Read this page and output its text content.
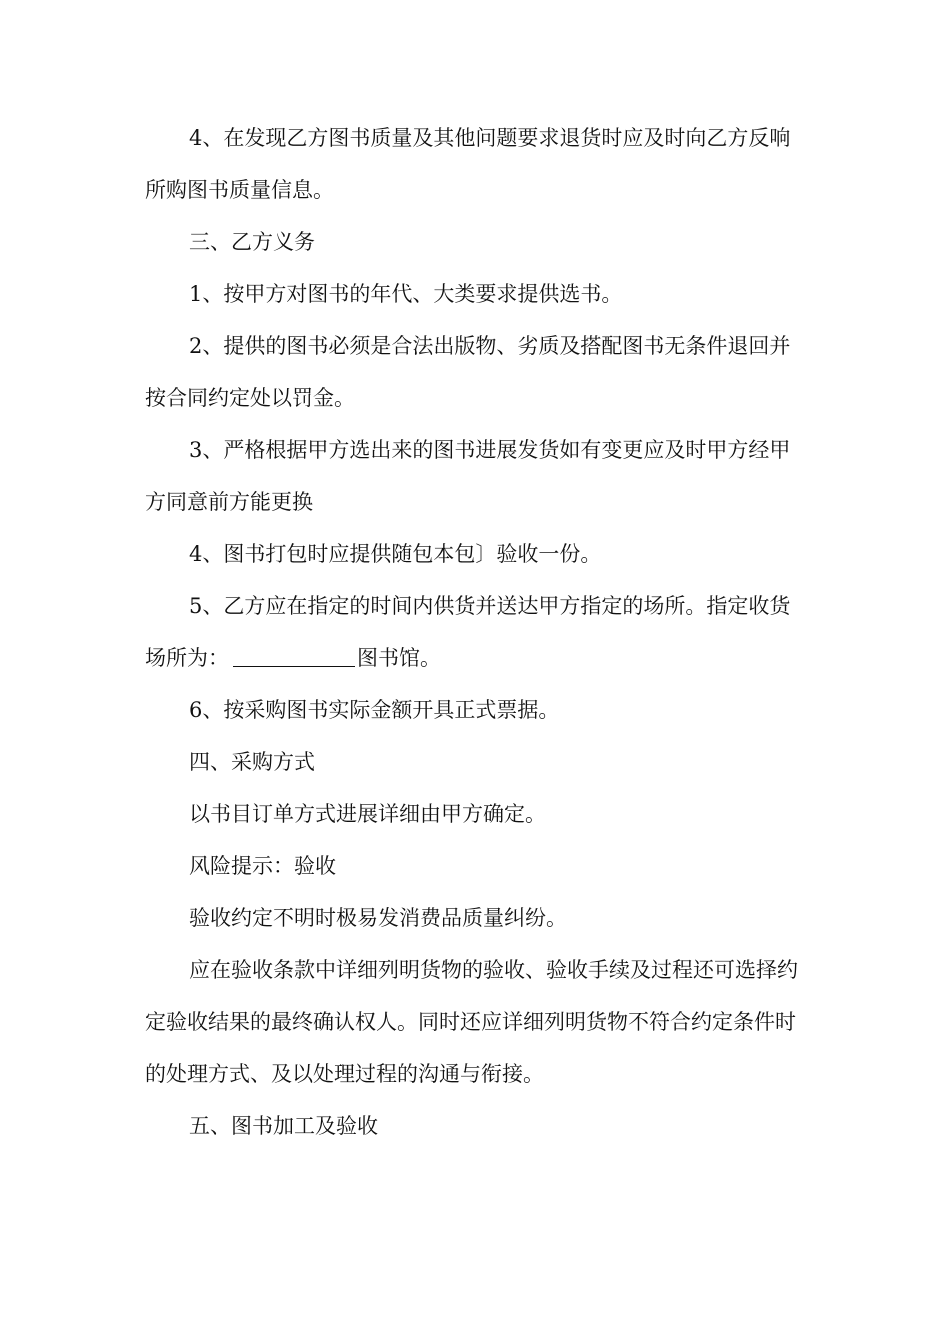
4、在发现乙方图书质量及其他问题要求退货时应及时向乙方反响所购图书质量信息。

三、乙方义务

1、按甲方对图书的年代、大类要求提供选书。

2、提供的图书必须是合法出版物、劣质及搭配图书无条件退回并按合同约定处以罚金。

3、严格根据甲方选出来的图书进展发货如有变更应及时甲方经甲方同意前方能更换

4、图书打包时应提供随包本包〕验收一份。

5、乙方应在指定的时间内供货并送达甲方指定的场所。指定收货场所为：	图书馆。

6、按采购图书实际金额开具正式票据。

四、采购方式

以书目订单方式进展详细由甲方确定。

风险提示：验收

验收约定不明时极易发消费品质量纠纷。

应在验收条款中详细列明货物的验收、验收手续及过程还可选择约定验收结果的最终确认权人。同时还应详细列明货物不符合约定条件时的处理方式、及以处理过程的沟通与衔接。

五、图书加工及验收
